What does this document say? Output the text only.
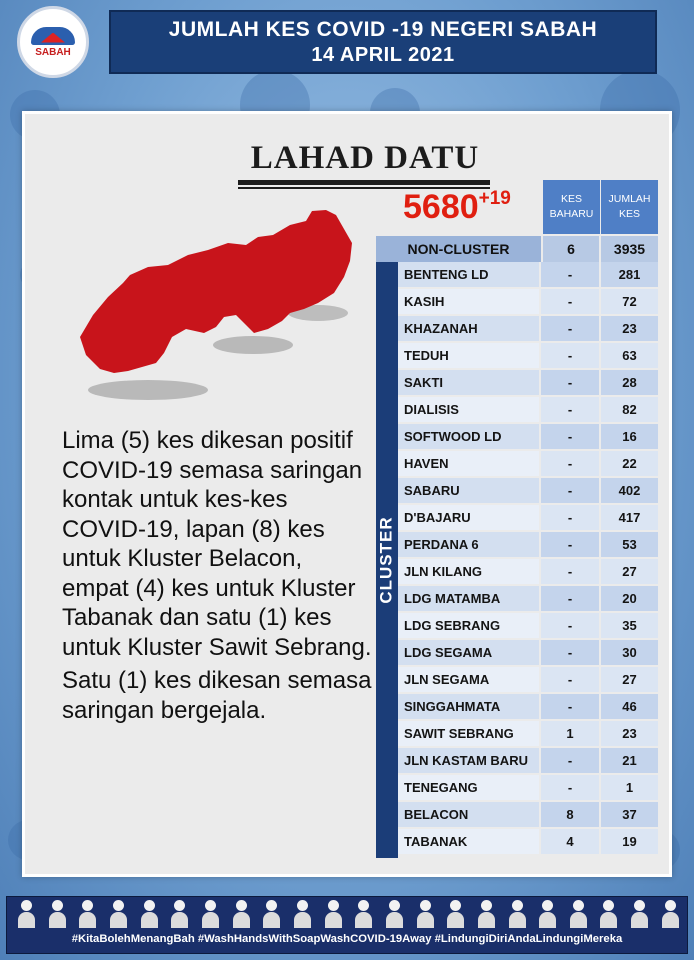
SABAH
JUMLAH KES COVID -19 NEGERI SABAH
14 APRIL 2021
LAHAD DATU
5680+19
Lima (5) kes dikesan positif COVID-19 semasa saringan kontak untuk kes-kes COVID-19, lapan (8) kes untuk Kluster Belacon, empat (4) kes untuk Kluster Tabanak dan satu (1) kes untuk Kluster Sawit Sebrang.
Satu (1) kes dikesan semasa saringan bergejala.
KES BAHARU
JUMLAH KES
NON-CLUSTER	6	3935
CLUSTER
BENTENG LD	-	281
KASIH	-	72
KHAZANAH	-	23
TEDUH	-	63
SAKTI	-	28
DIALISIS	-	82
SOFTWOOD LD	-	16
HAVEN	-	22
SABARU	-	402
D'BAJARU	-	417
PERDANA 6	-	53
JLN KILANG	-	27
LDG MATAMBA	-	20
LDG SEBRANG	-	35
LDG SEGAMA	-	30
JLN SEGAMA	-	27
SINGGAHMATA	-	46
SAWIT SEBRANG	1	23
JLN KASTAM BARU	-	21
TENEGANG	-	1
BELACON	8	37
TABANAK	4	19
#KitaBolehMenangBah #WashHandsWithSoapWashCOVID-19Away #LindungiDiriAndaLindungiMereka
